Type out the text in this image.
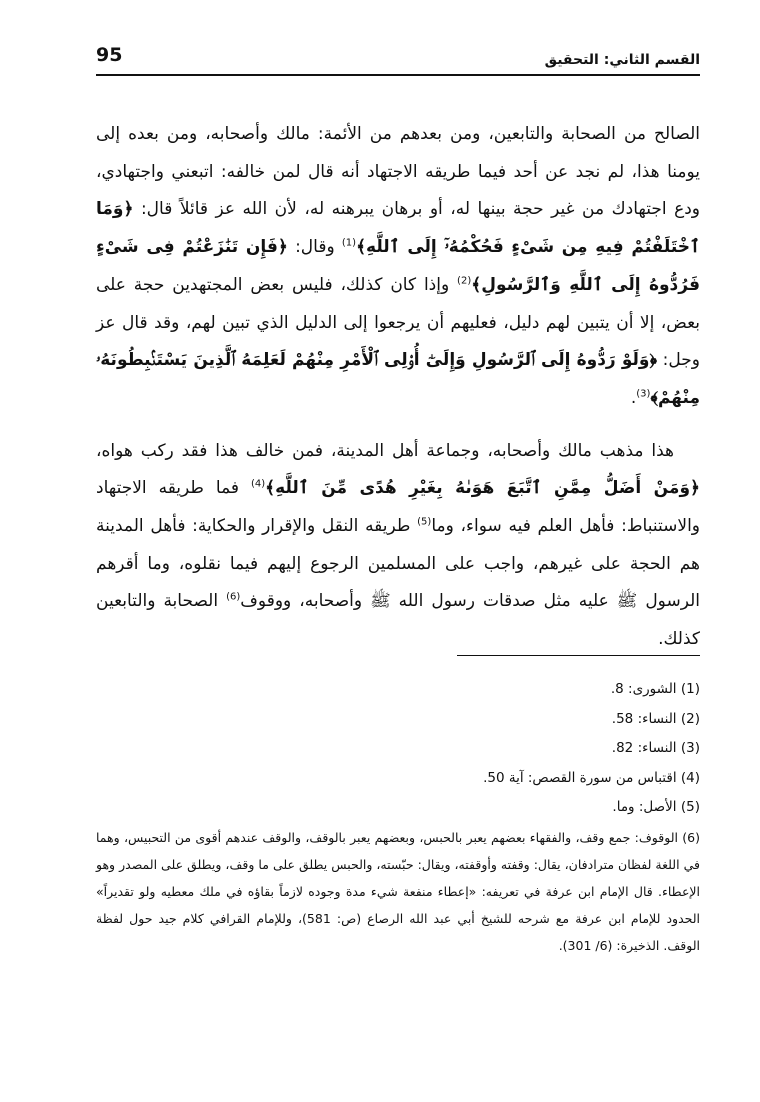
95	القسم الثاني: التحقيق

الصالح من الصحابة والتابعين، ومن بعدهم من الأئمة: مالك وأصحابه، ومن بعده إلى يومنا هذا، لم نجد عن أحد فيما طريقه الاجتهاد أنه قال لمن خالفه: اتبعني واجتهادي، ودع اجتهادك من غير حجة بينها له، أو برهان يبرهنه له، لأن الله عز قائلاً قال: ﴿وَمَا ٱخْتَلَفْتُمْ فِيهِ مِن شَىْءٍ فَحُكْمُهُۥٓ إِلَى ٱللَّهِ﴾$^{(1)}$ وقال: ﴿فَإِن تَنَٰزَعْتُمْ فِى شَىْءٍ فَرُدُّوهُ إِلَى ٱللَّهِ وَٱلرَّسُولِ﴾$^{(2)}$ وإذا كان كذلك، فليس بعض المجتهدين حجة على بعض، إلا أن يتبين لهم دليل، فعليهم أن يرجعوا إلى الدليل الذي تبين لهم، وقد قال عز وجل: ﴿وَلَوْ رَدُّوهُ إِلَى ٱلرَّسُولِ وَإِلَىٰٓ أُو۟لِى ٱلْأَمْرِ مِنْهُمْ لَعَلِمَهُ ٱلَّذِينَ يَسْتَنۢبِطُونَهُۥ مِنْهُمْ﴾$^{(3)}$.

هذا مذهب مالك وأصحابه، وجماعة أهل المدينة، فمن خالف هذا فقد ركب هواه، ﴿وَمَنْ أَضَلُّ مِمَّنِ ٱتَّبَعَ هَوَىٰهُ بِغَيْرِ هُدًى مِّنَ ٱللَّهِ﴾$^{(4)}$ فما طريقه الاجتهاد والاستنباط: فأهل العلم فيه سواء، وما$^{(5)}$ طريقه النقل والإقرار والحكاية: فأهل المدينة هم الحجة على غيرهم، واجب على المسلمين الرجوع إليهم فيما نقلوه، وما أقرهم الرسول ﷺ عليه مثل صدقات رسول الله ﷺ وأصحابه، ووقوف$^{(6)}$ الصحابة والتابعين كذلك.

(1) الشورى: 8.

(2) النساء: 58.

(3) النساء: 82.

(4) اقتباس من سورة القصص: آية 50.

(5) الأصل: وما.

(6) الوقوف: جمع وقف، والفقهاء بعضهم يعبر بالحبس، وبعضهم يعبر بالوقف، والوقف عندهم أقوى من التحبيس، وهما في اللغة لفظان مترادفان، يقال: وقفته وأوقفته، ويقال: حبّسته، والحبس يطلق على ما وقف، ويطلق على المصدر وهو الإعطاء. قال الإمام ابن عرفة في تعريفه: «إعطاء منفعة شيء مدة وجوده لازماً بقاؤه في ملك معطيه ولو تقديراً» الحدود للإمام ابن عرفة مع شرحه للشيخ أبي عبد الله الرصاع (ص: 581)، وللإمام القرافي كلام جيد حول لفظة الوقف. الذخيرة: (6/ 301).
